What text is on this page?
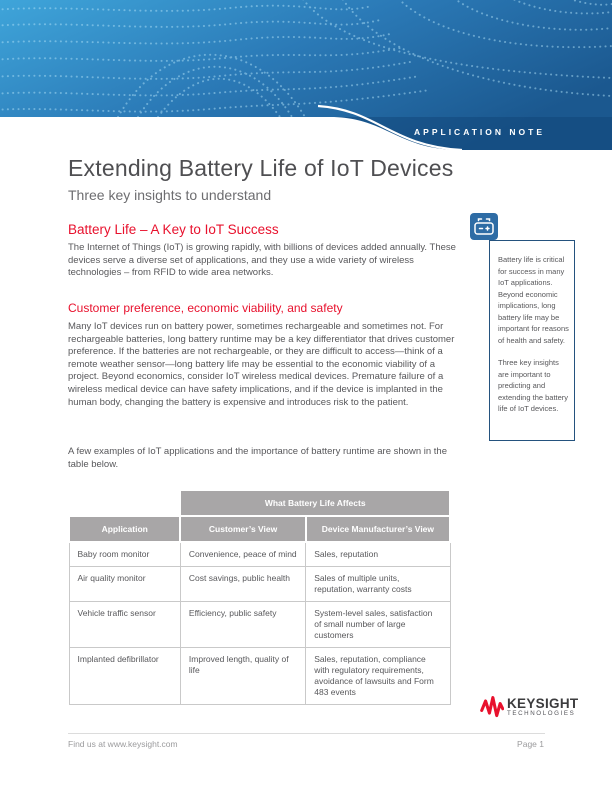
APPLICATION NOTE
Extending Battery Life of IoT Devices
Three key insights to understand
Battery Life – A Key to IoT Success

The Internet of Things (IoT) is growing rapidly, with billions of devices added annually. These devices serve a diverse set of applications, and they use a wide variety of wireless technologies – from RFID to wide area networks.

Customer preference, economic viability, and safety

Many IoT devices run on battery power, sometimes rechargeable and sometimes not. For rechargeable batteries, long battery runtime may be a key differentiator that drives customer preference. If the batteries are not rechargeable, or they are difficult to access—think of a remote weather sensor—long battery life may be essential to the economic viability of a project. Beyond economics, consider IoT wireless medical devices. Premature failure of a wireless medical device can have safety implications, and if the device is implanted in the human body, changing the battery is expensive and introduces risk to the patient.

A few examples of IoT applications and the importance of battery runtime are shown in the table below.

Battery life is critical for success in many IoT applications. Beyond economic implications, long battery life may be important for reasons of health and safety.

Three key insights are important to predicting and extending the battery life of IoT devices.

	What Battery Life Affects	
Application	Customer’s View	Device Manufacturer’s View
Baby room monitor	Convenience, peace of mind	Sales, reputation
Air quality monitor	Cost savings, public health	Sales of multiple units, reputation, warranty costs
Vehicle traffic sensor	Efficiency, public safety	System-level sales, satisfaction of small number of large customers
Implanted defibrillator	Improved length, quality of life	Sales, reputation, compliance with regulatory requirements, avoidance of lawsuits and Form 483 events
KEYSIGHT
TECHNOLOGIES
Find us at www.keysight.com	Page 1
